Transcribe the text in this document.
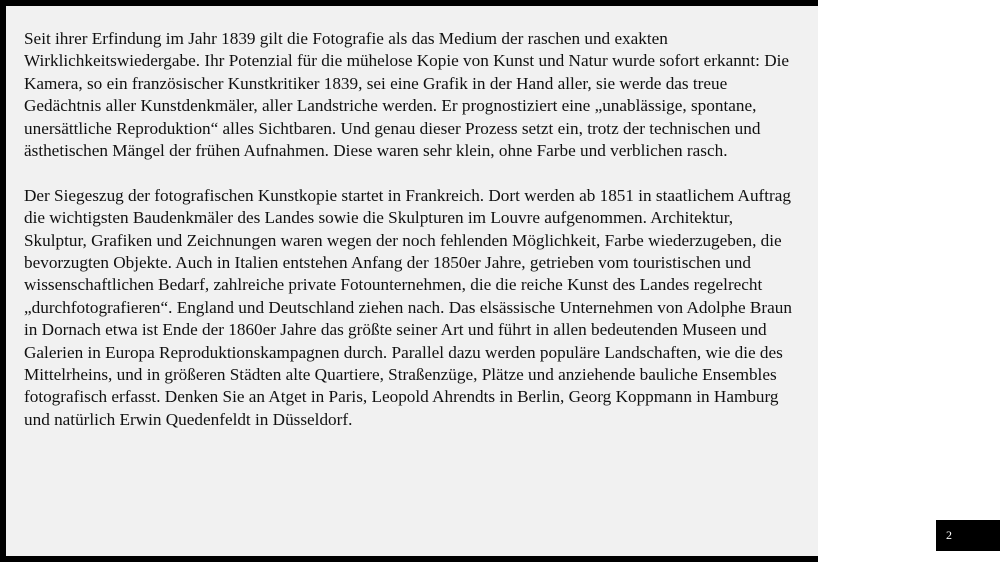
Seit ihrer Erfindung im Jahr 1839 gilt die Fotografie als das Medium der raschen und exakten Wirklichkeitswiedergabe. Ihr Potenzial für die mühelose Kopie von Kunst und Natur wurde sofort erkannt: Die Kamera, so ein französischer Kunstkritiker 1839, sei eine Grafik in der Hand aller, sie werde das treue Gedächtnis aller Kunstdenkmäler, aller Landstriche werden. Er prognostiziert eine „unablässige, spontane, unersättliche Reproduktion“ alles Sichtbaren. Und genau dieser Prozess setzt ein, trotz der technischen und ästhetischen Mängel der frühen Aufnahmen. Diese waren sehr klein, ohne Farbe und verblichen rasch.

Der Siegeszug der fotografischen Kunstkopie startet in Frankreich. Dort werden ab 1851 in staatlichem Auftrag die wichtigsten Baudenkmäler des Landes sowie die Skulpturen im Louvre aufgenommen. Architektur, Skulptur, Grafiken und Zeichnungen waren wegen der noch fehlenden Möglichkeit, Farbe wiederzugeben, die bevorzugten Objekte. Auch in Italien entstehen Anfang der 1850er Jahre, getrieben vom touristischen und wissenschaftlichen Bedarf, zahlreiche private Fotounternehmen, die die reiche Kunst des Landes regelrecht „durchfotografieren“. England und Deutschland ziehen nach. Das elsässische Unternehmen von Adolphe Braun in Dornach etwa ist Ende der 1860er Jahre das größte seiner Art und führt in allen bedeutenden Museen und Galerien in Europa Reproduktionskampagnen durch. Parallel dazu werden populäre Landschaften, wie die des Mittelrheins, und in größeren Städten alte Quartiere, Straßenzüge, Plätze und anziehende bauliche Ensembles fotografisch erfasst. Denken Sie an Atget in Paris, Leopold Ahrendts in Berlin, Georg Koppmann in Hamburg und natürlich Erwin Quedenfeldt in Düsseldorf.

2
